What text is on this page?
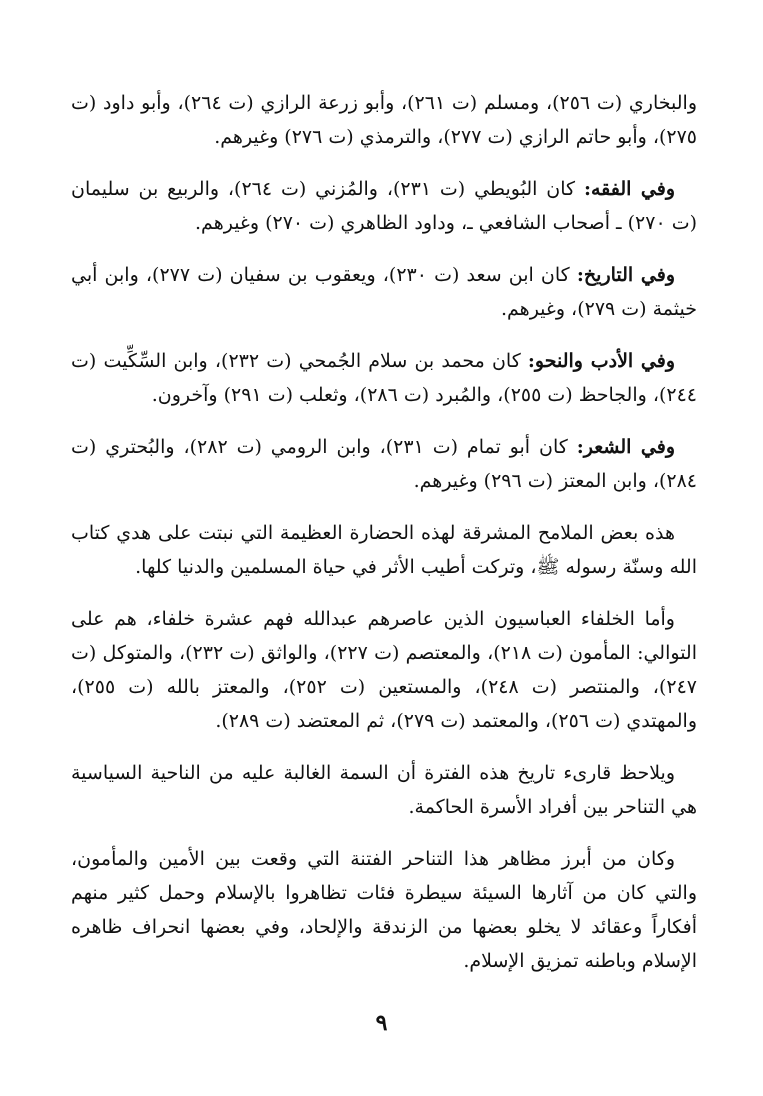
والبخاري (ت ٢٥٦)، ومسلم (ت ٢٦١)، وأبو زرعة الرازي (ت ٢٦٤)، وأبو داود (ت ٢٧٥)، وأبو حاتم الرازي (ت ٢٧٧)، والترمذي (ت ٢٧٦) وغيرهم.

وفي الفقه: كان البُويطي (ت ٢٣١)، والمُزني (ت ٢٦٤)، والربيع بن سليمان (ت ٢٧٠) ـ أصحاب الشافعي ـ، وداود الظاهري (ت ٢٧٠) وغيرهم.

وفي التاريخ: كان ابن سعد (ت ٢٣٠)، ويعقوب بن سفيان (ت ٢٧٧)، وابن أبي خيثمة (ت ٢٧٩)، وغيرهم.

وفي الأدب والنحو: كان محمد بن سلام الجُمحي (ت ٢٣٢)، وابن السِّكِّيت (ت ٢٤٤)، والجاحظ (ت ٢٥٥)، والمُبرد (ت ٢٨٦)، وثعلب (ت ٢٩١) وآخرون.

وفي الشعر: كان أبو تمام (ت ٢٣١)، وابن الرومي (ت ٢٨٢)، والبُحتري (ت ٢٨٤)، وابن المعتز (ت ٢٩٦) وغيرهم.

هذه بعض الملامح المشرقة لهذه الحضارة العظيمة التي نبتت على هدي كتاب الله وسنّة رسوله ﷺ، وتركت أطيب الأثر في حياة المسلمين والدنيا كلها.

وأما الخلفاء العباسيون الذين عاصرهم عبدالله فهم عشرة خلفاء، هم على التوالي: المأمون (ت ٢١٨)، والمعتصم (ت ٢٢٧)، والواثق (ت ٢٣٢)، والمتوكل (ت ٢٤٧)، والمنتصر (ت ٢٤٨)، والمستعين (ت ٢٥٢)، والمعتز بالله (ت ٢٥٥)، والمهتدي (ت ٢٥٦)، والمعتمد (ت ٢٧٩)، ثم المعتضد (ت ٢٨٩).

ويلاحظ قارىء تاريخ هذه الفترة أن السمة الغالبة عليه من الناحية السياسية هي التناحر بين أفراد الأسرة الحاكمة.

وكان من أبرز مظاهر هذا التناحر الفتنة التي وقعت بين الأمين والمأمون، والتي كان من آثارها السيئة سيطرة فئات تظاهروا بالإسلام وحمل كثير منهم أفكاراً وعقائد لا يخلو بعضها من الزندقة والإلحاد، وفي بعضها انحراف ظاهره الإسلام وباطنه تمزيق الإسلام.

٩
